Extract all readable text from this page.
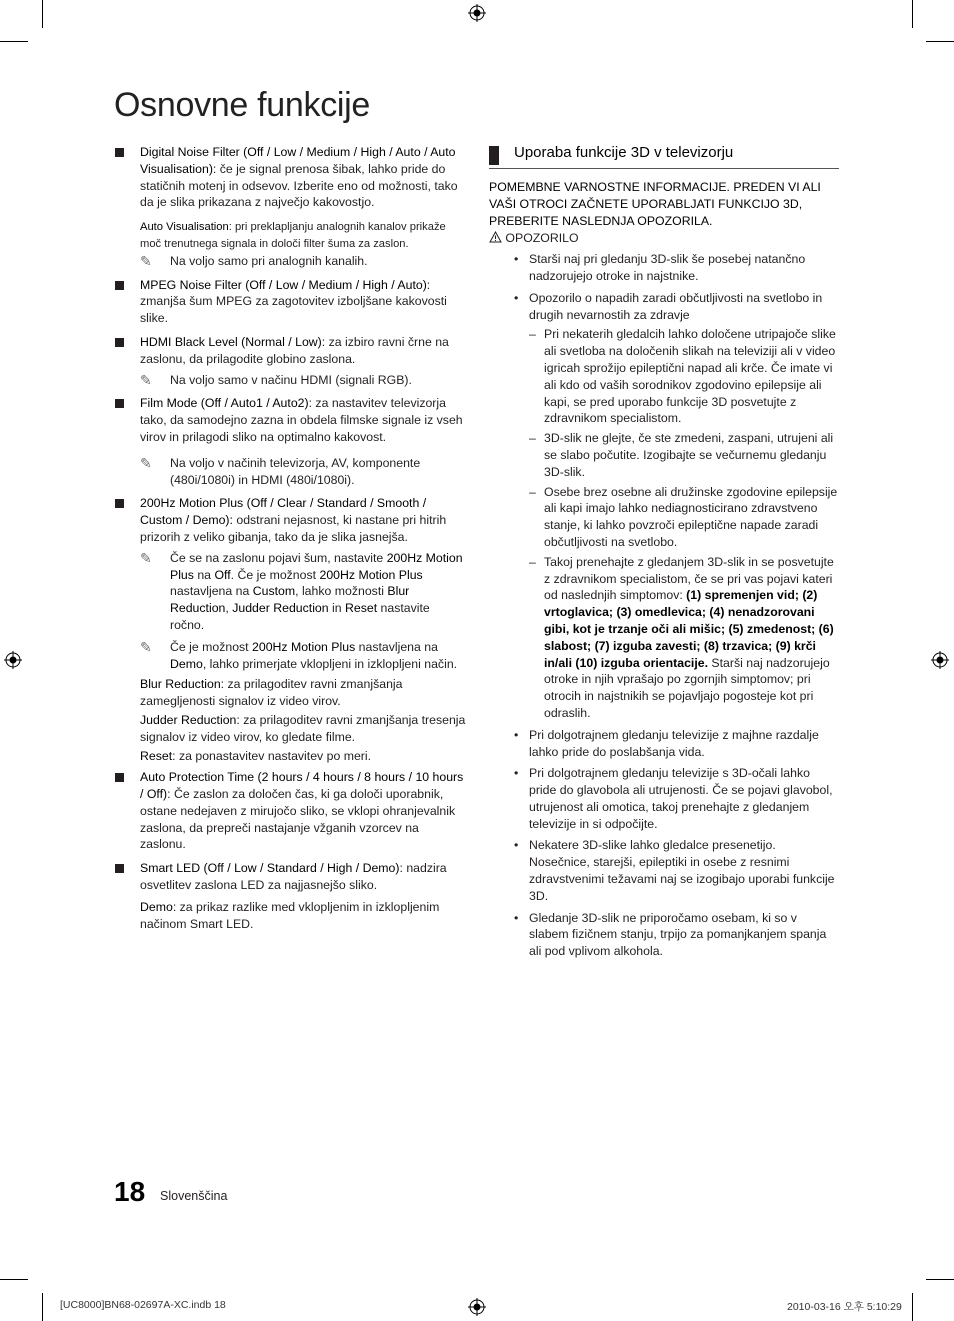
Osnovne funkcije

Digital Noise Filter (Off / Low / Medium / High / Auto / Auto Visualisation): če je signal prenosa šibak, lahko pride do statičnih motenj in odsevov. Izberite eno od možnosti, tako da je slika prikazana z največjo kakovostjo.

Auto Visualisation: pri preklapljanju analognih kanalov prikaže moč trenutnega signala in določi filter šuma za zaslon.

✎ Na voljo samo pri analognih kanalih.

MPEG Noise Filter (Off / Low / Medium / High / Auto): zmanjša šum MPEG za zagotovitev izboljšane kakovosti slike.

HDMI Black Level (Normal / Low): za izbiro ravni črne na zaslonu, da prilagodite globino zaslona.

✎ Na voljo samo v načinu HDMI (signali RGB).

Film Mode (Off / Auto1 / Auto2): za nastavitev televizorja tako, da samodejno zazna in obdela filmske signale iz vseh virov in prilagodi sliko na optimalno kakovost.

✎ Na voljo v načinih televizorja, AV, komponente (480i/1080i) in HDMI (480i/1080i).

200Hz Motion Plus (Off / Clear / Standard / Smooth / Custom / Demo): odstrani nejasnost, ki nastane pri hitrih prizorih z veliko gibanja, tako da je slika jasnejša.

✎ Če se na zaslonu pojavi šum, nastavite 200Hz Motion Plus na Off. Če je možnost 200Hz Motion Plus nastavljena na Custom, lahko možnosti Blur Reduction, Judder Reduction in Reset nastavite ročno.

✎ Če je možnost 200Hz Motion Plus nastavljena na Demo, lahko primerjate vklopljeni in izklopljeni način.

Blur Reduction: za prilagoditev ravni zmanjšanja zamegljenosti signalov iz video virov.

Judder Reduction: za prilagoditev ravni zmanjšanja tresenja signalov iz video virov, ko gledate filme.

Reset: za ponastavitev nastavitev po meri.

Auto Protection Time (2 hours / 4 hours / 8 hours / 10 hours / Off): Če zaslon za določen čas, ki ga določi uporabnik, ostane nedejaven z mirujočo sliko, se vklopi ohranjevalnik zaslona, da prepreči nastajanje vžganih vzorcev na zaslonu.

Smart LED (Off / Low / Standard / High / Demo): nadzira osvetlitev zaslona LED za najjasnejšo sliko.

Demo: za prikaz razlike med vklopljenim in izklopljenim načinom Smart LED.

Uporaba funkcije 3D v televizorju

POMEMBNE VARNOSTNE INFORMACIJE. PREDEN VI ALI VAŠI OTROCI ZAČNETE UPORABLJATI FUNKCIJO 3D, PREBERITE NASLEDNJA OPOZORILA.

OPOZORILO

• Starši naj pri gledanju 3D-slik še posebej natančno nadzorujejo otroke in najstnike.

• Opozorilo o napadih zaradi občutljivosti na svetlobo in drugih nevarnostih za zdravje

– Pri nekaterih gledalcih lahko določene utripajoče slike ali svetloba na določenih slikah na televiziji ali v video igricah sprožijo epileptični napad ali krče. Če imate vi ali kdo od vaših sorodnikov zgodovino epilepsije ali kapi, se pred uporabo funkcije 3D posvetujte z zdravnikom specialistom.

– 3D-slik ne glejte, če ste zmedeni, zaspani, utrujeni ali se slabo počutite. Izogibajte se večurnemu gledanju 3D-slik.

– Osebe brez osebne ali družinske zgodovine epilepsije ali kapi imajo lahko nediagnosticirano zdravstveno stanje, ki lahko povzroči epileptične napade zaradi občutljivosti na svetlobo.

– Takoj prenehajte z gledanjem 3D-slik in se posvetujte z zdravnikom specialistom, če se pri vas pojavi kateri od naslednjih simptomov: (1) spremenjen vid; (2) vrtoglavica; (3) omedlevica; (4) nenadzorovani gibi, kot je trzanje oči ali mišic; (5) zmedenost; (6) slabost; (7) izguba zavesti; (8) trzavica; (9) krči in/ali (10) izguba orientacije. Starši naj nadzorujejo otroke in njih vprašajo po zgornjih simptomov; pri otrocih in najstnikih se pojavljajo pogosteje kot pri odraslih.

• Pri dolgotrajnem gledanju televizije z majhne razdalje lahko pride do poslabšanja vida.

• Pri dolgotrajnem gledanju televizije s 3D-očali lahko pride do glavobola ali utrujenosti. Če se pojavi glavobol, utrujenost ali omotica, takoj prenehajte z gledanjem televizije in si odpočijte.

• Nekatere 3D-slike lahko gledalce presenetijo. Nosečnice, starejši, epileptiki in osebe z resnimi zdravstvenimi težavami naj se izogibajo uporabi funkcije 3D.

• Gledanje 3D-slik ne priporočamo osebam, ki so v slabem fizičnem stanju, trpijo za pomanjkanjem spanja ali pod vplivom alkohola.

18 Slovenščina
[UC8000]BN68-02697A-XC.indb 18	2010-03-16 오후 5:10:29
